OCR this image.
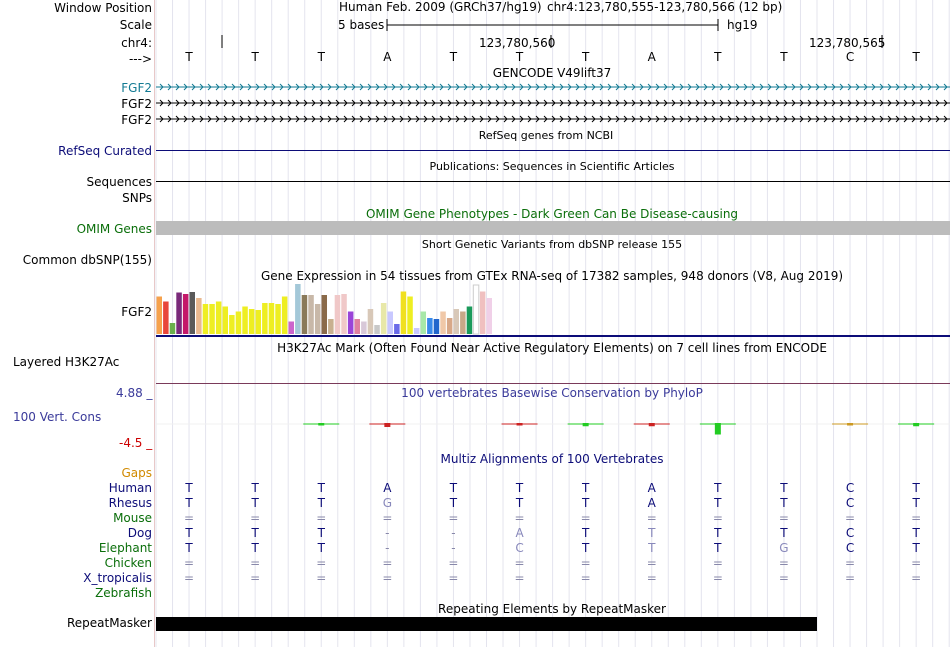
Window Position
Scale
chr4:
--->
Human Feb. 2009 (GRCh37/hg19) chr4:123,780,555-123,780,566 (12 bp)
5 bases	hg19
123,780,560	123,780,565
T	T	T	A	T	T	T	A	T	T	C	T
GENCODE V49lift37
FGF2
FGF2
FGF2
RefSeq genes from NCBI
RefSeq Curated
Publications: Sequences in Scientific Articles
Sequences
SNPs
OMIM Gene Phenotypes - Dark Green Can Be Disease-causing
OMIM Genes
Short Genetic Variants from dbSNP release 155
Common dbSNP(155)
Gene Expression in 54 tissues from GTEx RNA-seq of 17382 samples, 948 donors (V8, Aug 2019)
FGF2
H3K27Ac Mark (Often Found Near Active Regulatory Elements) on 7 cell lines from ENCODE
Layered H3K27Ac
100 vertebrates Basewise Conservation by PhyloP
4.88 _
100 Vert. Cons
-4.5 _
Multiz Alignments of 100 Vertebrates
Gaps
Human	T	T	T	A	T	T	T	A	T	T	C	T
Rhesus	T	T	T	G	T	T	T	A	T	T	C	T
Mouse	=	=	=	=	=	=	=	=	=	=	=	=
Dog	T	T	T	-	-	A	T	T	T	T	C	T
Elephant	T	T	T	-	-	C	T	T	T	G	C	T
Chicken	=	=	=	=	=	=	=	=	=	=	=	=
X_tropicalis	=	=	=	=	=	=	=	=	=	=	=	=
Zebrafish
Repeating Elements by RepeatMasker
RepeatMasker
